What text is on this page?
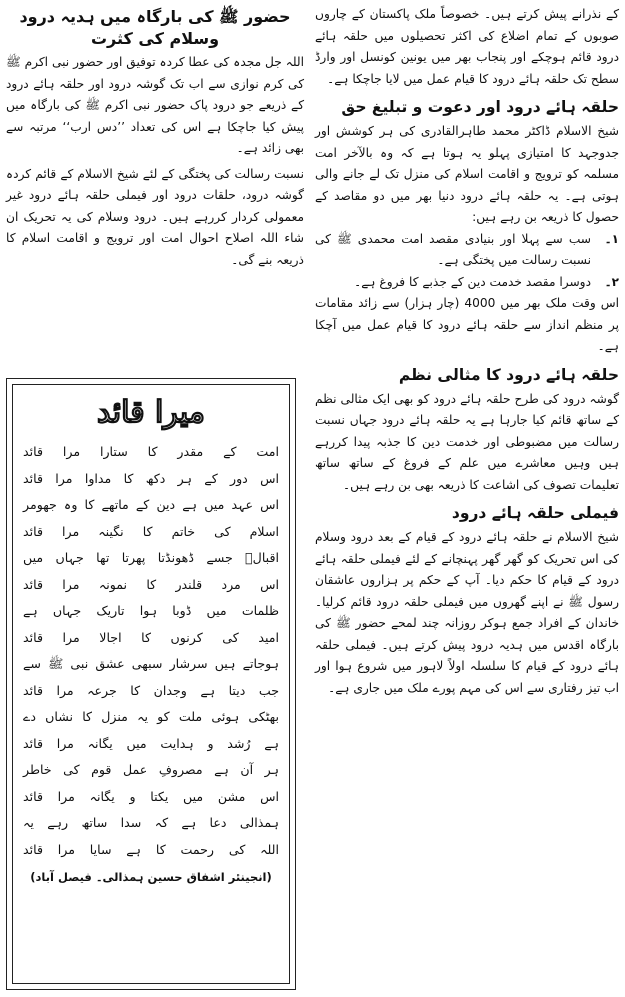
کے نذرانے پیش کرتے ہیں۔ خصوصاً ملک پاکستان کے چاروں صوبوں کے تمام اضلاع کی اکثر تحصیلوں میں حلقہ ہائے درود قائم ہوچکے اور پنجاب بھر میں یونین کونسل اور وارڈ سطح تک حلقہ ہائے درود کا قیام عمل میں لایا جاچکا ہے۔

حلقہ ہائے درود اور دعوت و تبلیغ حق

شیخ الاسلام ڈاکٹر محمد طاہرالقادری کی ہر کوشش اور جدوجہد کا امتیازی پہلو یہ ہوتا ہے کہ وہ بالآخر امت مسلمہ کو ترویج و اقامت اسلام کی منزل تک لے جانے والی ہوتی ہے۔ یہ حلقہ ہائے درود دنیا بھر میں دو مقاصد کے حصول کا ذریعہ بن رہے ہیں:

۱۔

سب سے پہلا اور بنیادی مقصد امت محمدی ﷺ کی نسبت رسالت میں پختگی ہے۔

۲۔

دوسرا مقصد خدمت دین کے جذبے کا فروغ ہے۔

اس وقت ملک بھر میں 4000 (چار ہزار) سے زائد مقامات پر منظم انداز سے حلقہ ہائے درود کا قیام عمل میں آچکا ہے۔

حلقہ ہائے درود کا مثالی نظم

گوشہ درود کی طرح حلقہ ہائے درود کو بھی ایک مثالی نظم کے ساتھ قائم کیا جارہا ہے یہ حلقہ ہائے درود جہاں نسبت رسالت میں مضبوطی اور خدمت دین کا جذبہ پیدا کررہے ہیں وہیں معاشرے میں علم کے فروغ کے ساتھ ساتھ تعلیمات تصوف کی اشاعت کا ذریعہ بھی بن رہے ہیں۔

فیملی حلقہ ہائے درود

شیخ الاسلام نے حلقہ ہائے درود کے قیام کے بعد درود وسلام کی اس تحریک کو گھر گھر پہنچانے کے لئے فیملی حلقہ ہائے درود کے قیام کا حکم دیا۔ آپ کے حکم پر ہزاروں عاشقان رسول ﷺ نے اپنے گھروں میں فیملی حلقہ درود قائم کرلیا۔ خاندان کے افراد جمع ہوکر روزانہ چند لمحے حضور ﷺ کی بارگاہ اقدس میں ہدیہ درود پیش کرتے ہیں۔ فیملی حلقہ ہائے درود کے قیام کا سلسلہ اولاً لاہور میں شروع ہوا اور اب تیز رفتاری سے اس کی مہم پورے ملک میں جاری ہے۔

حضور ﷺ کی بارگاہ میں ہدیہ درود وسلام کی کثرت

اللہ جل مجدہ کی عطا کردہ توفیق اور حضور نبی اکرم ﷺ کی کرم نوازی سے اب تک گوشہ درود اور حلقہ ہائے درود کے ذریعے جو درود پاک حضور نبی اکرم ﷺ کی بارگاہ میں پیش کیا جاچکا ہے اس کی تعداد ’’دس ارب‘‘ مرتبہ سے بھی زائد ہے۔

نسبت رسالت کی پختگی کے لئے شیخ الاسلام کے قائم کردہ گوشہ درود، حلقات درود اور فیملی حلقہ ہائے درود غیر معمولی کردار کررہے ہیں۔ درود وسلام کی یہ تحریک ان شاء اللہ اصلاح احوال امت اور ترویج و اقامت اسلام کا ذریعہ بنے گی۔

میرا قائد
امت کے مقدر کا ستارا مرا قائد
اس دور کے ہر دکھ کا مداوا مرا قائد
اس عہد میں ہے دین کے ماتھے کا وہ جھومر
اسلام کی خاتم کا نگینہ مرا قائد
اقبالؒ جسے ڈھونڈتا پھرتا تھا جہاں میں
اس مرد قلندر کا نمونہ مرا قائد
ظلمات میں ڈوبا ہوا تاریک جہاں ہے
امید کی کرنوں کا اجالا مرا قائد
ہوجاتے ہیں سرشار سبھی عشق نبی ﷺ سے
جب دیتا ہے وجدان کا جرعہ مرا قائد
بھٹکی ہوئی ملت کو یہ منزل کا نشاں دے
ہے رُشد و ہدایت میں یگانہ مرا قائد
ہر آن ہے مصروفِ عمل قوم کی خاطر
اس مشن میں یکتا و یگانہ مرا قائد
ہمذالی دعا ہے کہ سدا ساتھ رہے یہ
اللہ کی رحمت کا ہے سایا مرا قائد
(انجینئر اشفاق حسین ہمذالی۔ فیصل آباد)
